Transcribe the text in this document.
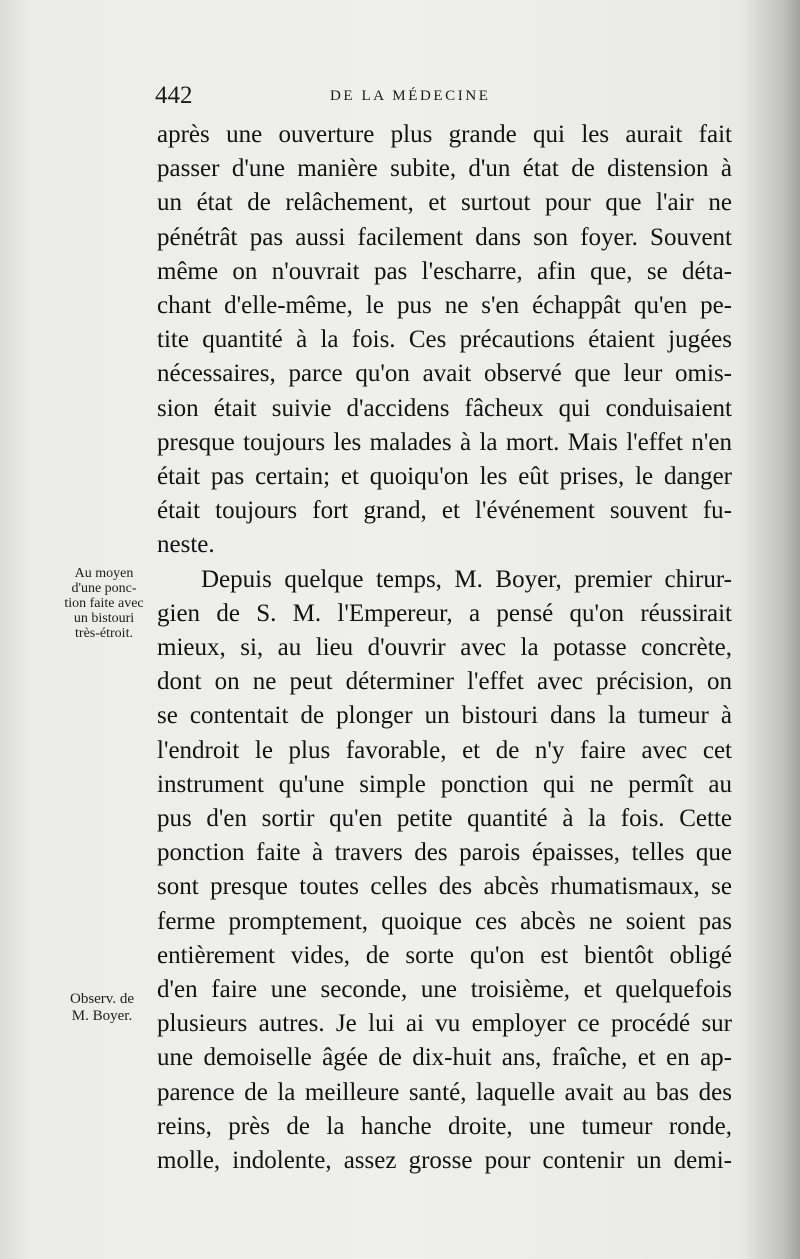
442	DE LA MÉDECINE
Au moyen
d'une ponc-
tion faite avec
un bistouri
très-étroit.
Observ. de
M. Boyer.
après une ouverture plus grande qui les aurait fait
passer d'une manière subite, d'un état de distension à
un état de relâchement, et surtout pour que l'air ne
pénétrât pas aussi facilement dans son foyer. Souvent
même on n'ouvrait pas l'escharre, afin que, se déta-
chant d'elle-même, le pus ne s'en échappât qu'en pe-
tite quantité à la fois. Ces précautions étaient jugées
nécessaires, parce qu'on avait observé que leur omis-
sion était suivie d'accidens fâcheux qui conduisaient
presque toujours les malades à la mort. Mais l'effet n'en
était pas certain; et quoiqu'on les eût prises, le danger
était toujours fort grand, et l'événement souvent fu-
neste.
Depuis quelque temps, M. Boyer, premier chirur-
gien de S. M. l'Empereur, a pensé qu'on réussirait
mieux, si, au lieu d'ouvrir avec la potasse concrète,
dont on ne peut déterminer l'effet avec précision, on
se contentait de plonger un bistouri dans la tumeur à
l'endroit le plus favorable, et de n'y faire avec cet
instrument qu'une simple ponction qui ne permît au
pus d'en sortir qu'en petite quantité à la fois. Cette
ponction faite à travers des parois épaisses, telles que
sont presque toutes celles des abcès rhumatismaux, se
ferme promptement, quoique ces abcès ne soient pas
entièrement vides, de sorte qu'on est bientôt obligé
d'en faire une seconde, une troisième, et quelquefois
plusieurs autres. Je lui ai vu employer ce procédé sur
une demoiselle âgée de dix-huit ans, fraîche, et en ap-
parence de la meilleure santé, laquelle avait au bas des
reins, près de la hanche droite, une tumeur ronde,
molle, indolente, assez grosse pour contenir un demi-
